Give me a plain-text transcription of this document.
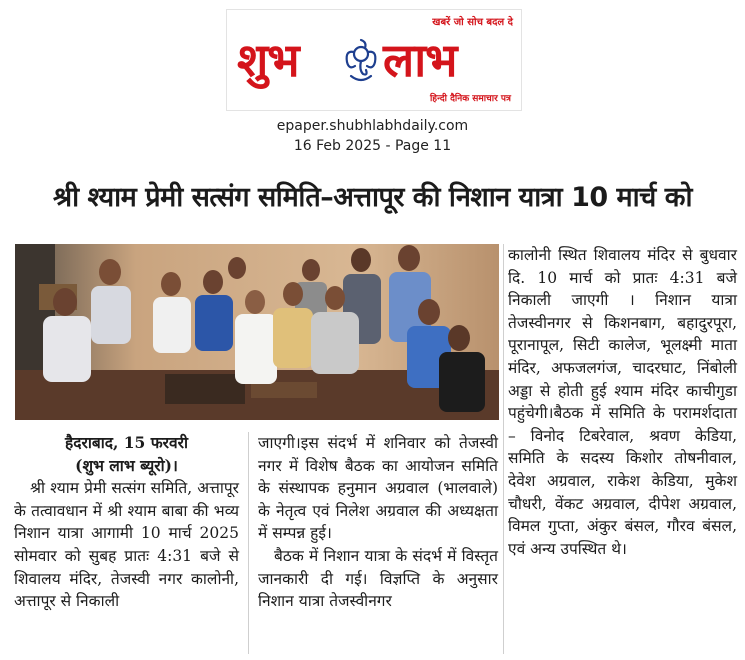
खबरें जो सोच बदल दे
शुभ लाभ
हिन्दी दैनिक समाचार पत्र
epaper.shubhlabhdaily.com
16 Feb 2025 - Page 11
श्री श्याम प्रेमी सत्संग समिति–अत्तापूर की निशान यात्रा 10 मार्च को
हैदराबाद, 15 फरवरी
(शुभ लाभ ब्यूरो)।
श्री श्याम प्रेमी सत्संग समिति, अत्तापूर के तत्वावधान में श्री श्याम बाबा की भव्य निशान यात्रा आगामी 10 मार्च 2025 सोमवार को सुबह प्रातः 4:31 बजे से शिवालय मंदिर, तेजस्वी नगर कालोनी, अत्तापूर से निकाली
जाएगी।इस संदर्भ में शनिवार को तेजस्वी नगर में विशेष बैठक का आयोजन समिति के संस्थापक हनुमान अग्रवाल (भालवाले) के नेतृत्व एवं निलेश अग्रवाल की अध्यक्षता में सम्पन्न हुई।
बैठक में निशान यात्रा के संदर्भ में विस्तृत जानकारी दी गई। विज्ञप्ति के अनुसार निशान यात्रा तेजस्वीनगर
कालोनी स्थित शिवालय मंदिर से बुधवार दि. 10 मार्च को प्रातः 4:31 बजे निकाली जाएगी । निशान यात्रा तेजस्वीनगर से किशनबाग, बहादुरपूरा, पूरानापूल, सिटी कालेज, भूलक्ष्मी माता मंदिर, अफजलगंज, चादरघाट, निंबोली अड्डा से होती हुई श्याम मंदिर काचीगुडा पहुंचेगी।बैठक में समिति के परामर्शदाता – विनोद टिबरेवाल, श्रवण केडिया, समिति के सदस्य किशोर तोषनीवाल, देवेश अग्रवाल, राकेश केडिया, मुकेश चौधरी, वेंकट अग्रवाल, दीपेश अग्रवाल, विमल गुप्ता, अंकुर बंसल, गौरव बंसल, एवं अन्य उपस्थित थे।
